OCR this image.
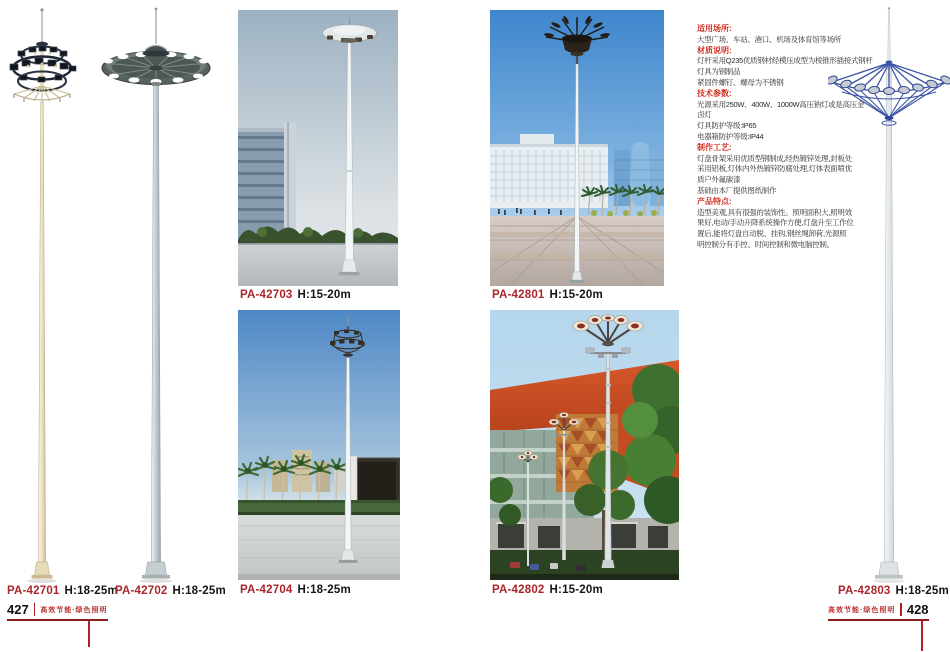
适用场所:
大型广场、车站、港口、机场及体育馆等场所
材质说明:
灯杆采用Q235优质钢材经模压成型为棱锥形插接式钢杆
灯具为钢制品
紧固件螺钉、螺母为不锈钢
技术参数:
光源采用250W、400W、1000W高压钠灯或是高压金
卤灯
灯具防护等级:IP65
电器箱防护等级:IP44
制作工艺:
灯盘骨架采用优质型钢制成,经热镀锌处理,封板处
采用铝板,灯体内外热镀锌防腐处理,灯体表面喷优
质户外氟碳漆
基础由本厂提供图纸制作
产品特点:
造型美观,具有很强的装饰性。照明面积大,照明效
果好,电动/手动升降系统操作方便,灯盘升至工作位
置后,能将灯盘自动脱、挂钩,钢丝绳卸荷,光源照
明控制分有手控、时间控制和微电脑控制。
PA-42701 H:18-25m
PA-42702 H:18-25m
PA-42703 H:15-20m
PA-42704 H:18-25m
PA-42801 H:15-20m
PA-42802 H:15-20m	PA-42803 H:18-25m
427 高效节能·绿色照明	高效节能·绿色照明 428
